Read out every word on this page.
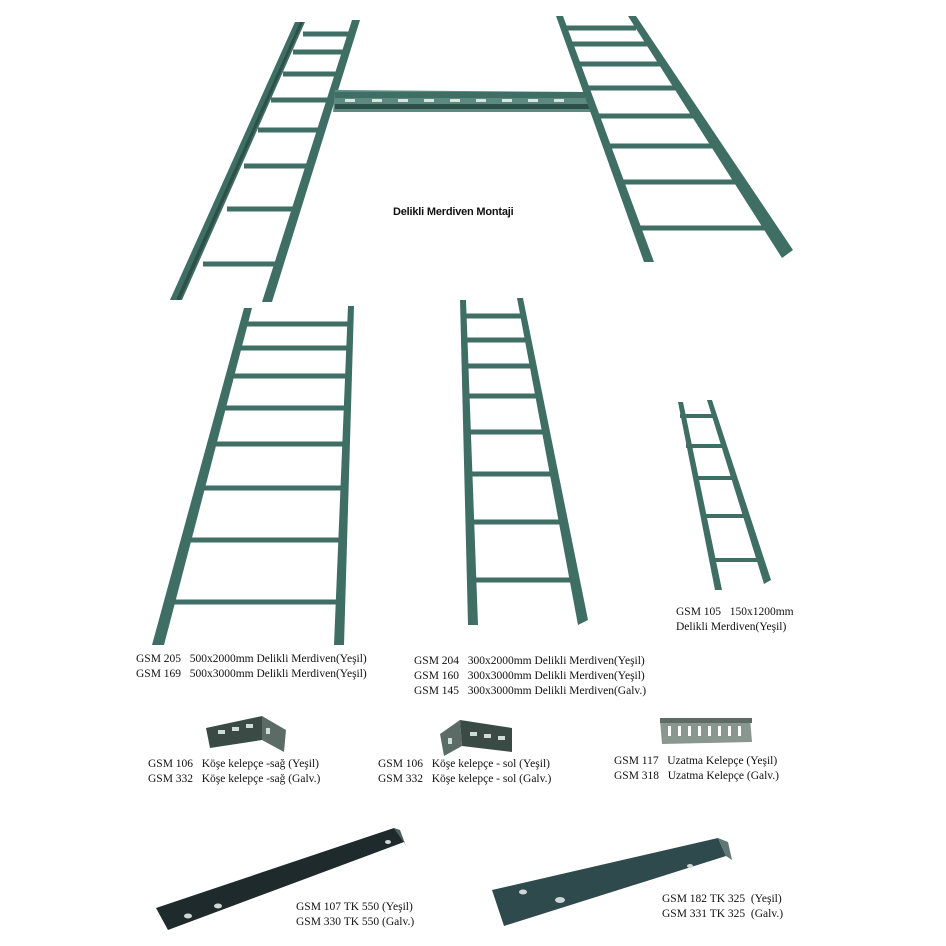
Delikli Merdiven Montaji
GSM 105 150x1200mm
Delikli Merdiven(Yeşil)
GSM 205 500x2000mm Delikli Merdiven(Yeşil)
GSM 169 500x3000mm Delikli Merdiven(Yeşil)
GSM 204 300x2000mm Delikli Merdiven(Yeşil)
GSM 160 300x3000mm Delikli Merdiven(Yeşil)
GSM 145 300x3000mm Delikli Merdiven(Galv.)
GSM 106 Köşe kelepçe -sağ (Yeşil)
GSM 332 Köşe kelepçe -sağ (Galv.)
GSM 106 Köşe kelepçe - sol (Yeşil)
GSM 332 Köşe kelepçe - sol (Galv.)
GSM 117 Uzatma Kelepçe (Yeşil)
GSM 318 Uzatma Kelepçe (Galv.)
GSM 107 TK 550 (Yeşil)
GSM 330 TK 550 (Galv.)
GSM 182 TK 325  (Yeşil)
GSM 331 TK 325  (Galv.)
